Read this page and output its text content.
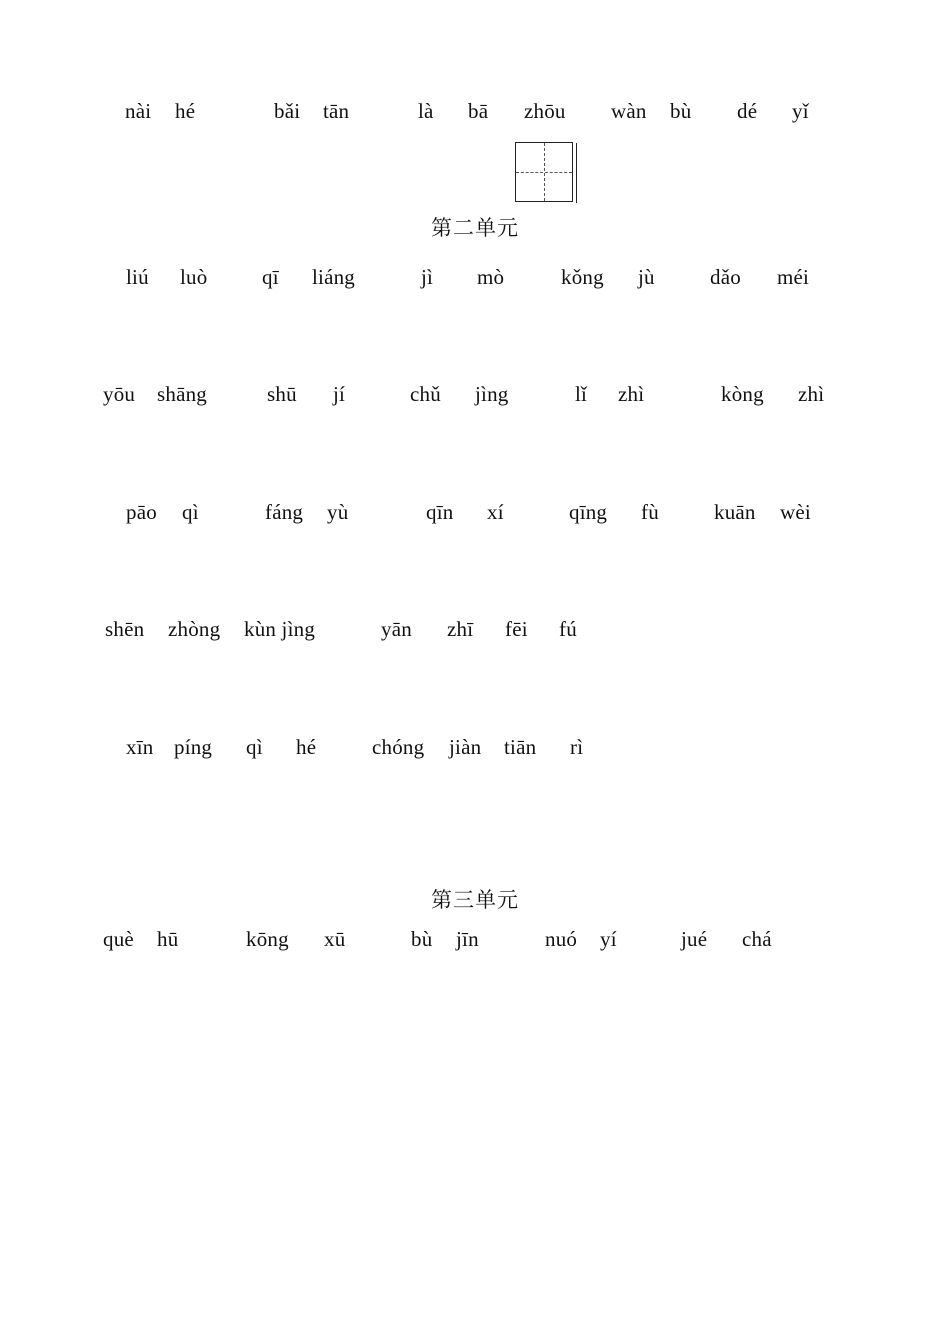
nài hé	bǎi tān	là bā zhōu wàn bù dé yǐ
第二单元
liú luò	qī liáng	jì mò	kǒng jù	dǎo méi
yōu shāng	shū jí	chǔ jìng	lǐ zhì	kòng zhì
pāo qì	fáng yù	qīn xí	qīng fù	kuān wèi
shēn zhòng kùn jìng	yān zhī fēi fú
xīn píng qì hé	chóng jiàn tiān rì
第三单元
què hū	kōng xū	bù jīn	nuó yí	jué chá
